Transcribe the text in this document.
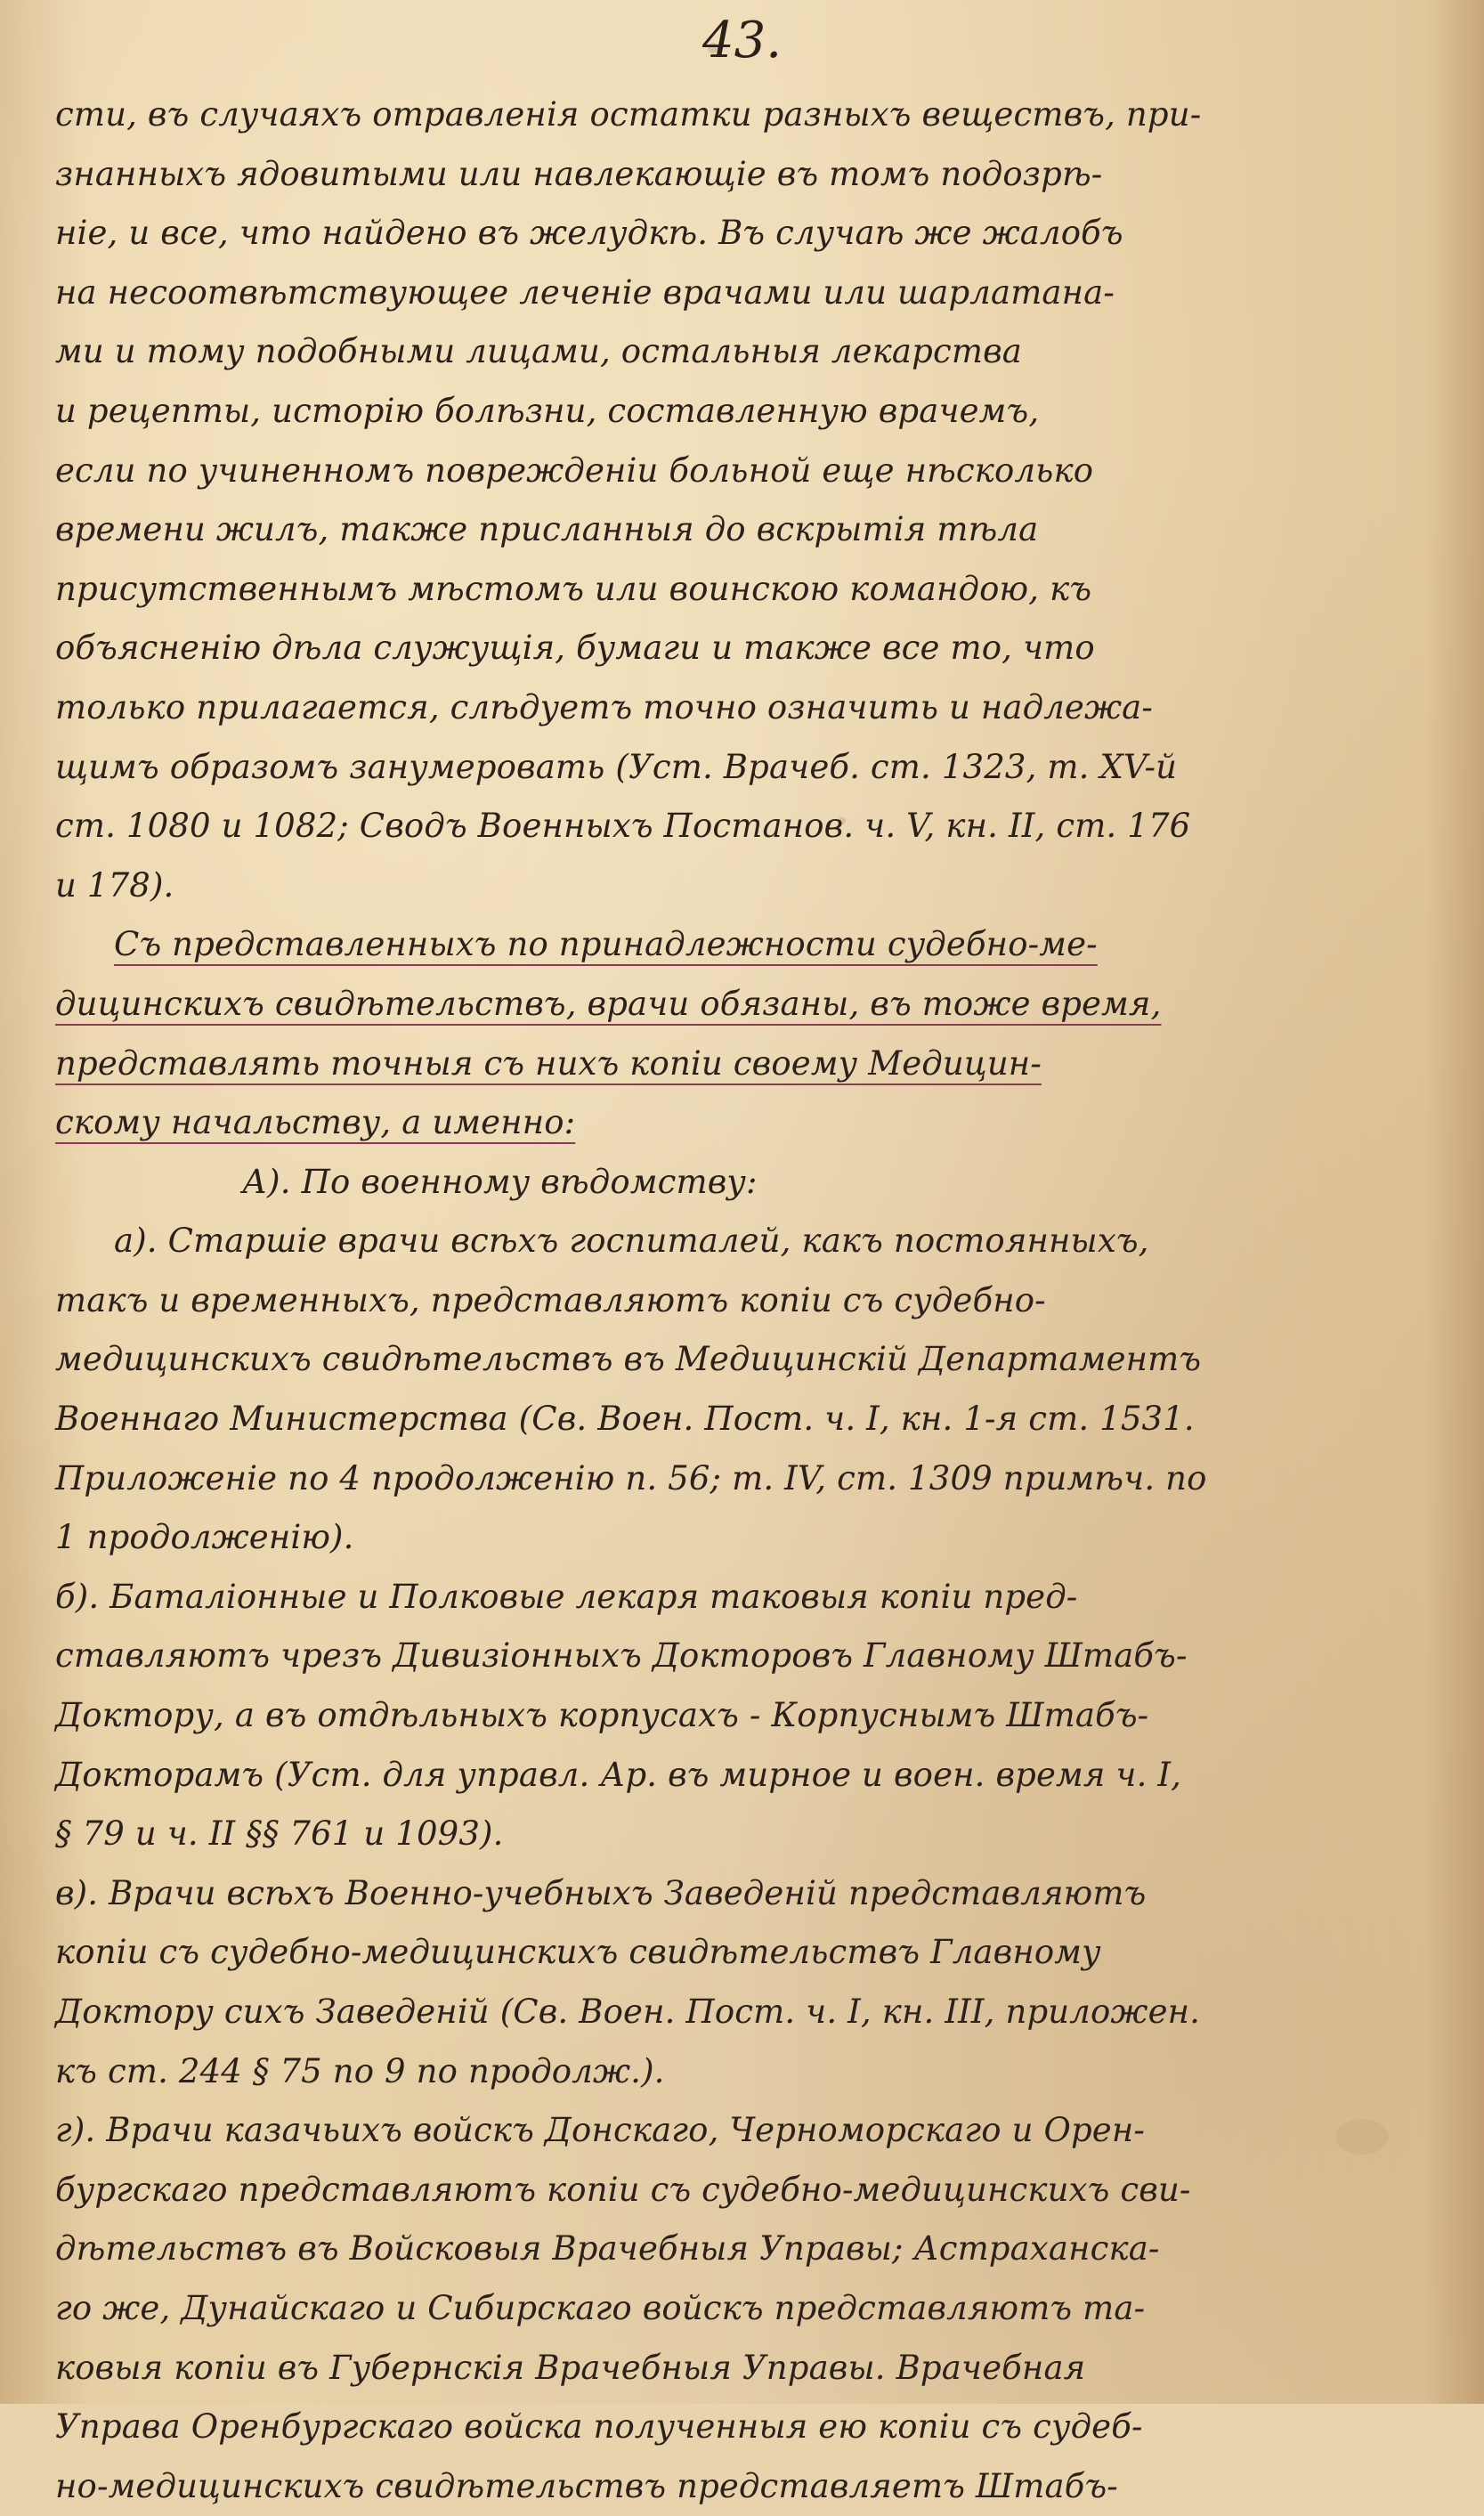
43.
сти, въ случаяхъ отравленія остатки разныхъ веществъ, при-
знанныхъ ядовитыми или навлекающіе въ томъ подозрѣ-
ніе, и все, что найдено въ желудкѣ. Въ случаѣ же жалобъ
на несоотвѣтствующее леченіе врачами или шарлатана-
ми и тому подобными лицами, остальныя лекарства
и рецепты, исторію болѣзни, составленную врачемъ,
если по учиненномъ поврежденіи больной еще нѣсколько
времени жилъ, также присланныя до вскрытія тѣла
присутственнымъ мѣстомъ или воинскою командою, къ
объясненію дѣла служущія, бумаги и также все то, что
только прилагается, слѣдуетъ точно означить и надлежа-
щимъ образомъ занумеровать (Уст. Врачеб. ст. 1323, т. XV-й
ст. 1080 и 1082; Сводъ Военныхъ Постанов. ч. V, кн. II, ст. 176
и 178).
Съ представленныхъ по принадлежности судебно-ме-
дицинскихъ свидѣтельствъ, врачи обязаны, въ тоже время,
представлять точныя съ нихъ копіи своему Медицин-
скому начальству, а именно:
А). По военному вѣдомству:
а). Старшіе врачи всѣхъ госпиталей, какъ постоянныхъ,
такъ и временныхъ, представляютъ копіи съ судебно-
медицинскихъ свидѣтельствъ въ Медицинскій Департаментъ
Военнаго Министерства (Св. Воен. Пост. ч. I, кн. 1-я ст. 1531.
Приложеніе по 4 продолженію п. 56; т. IV, ст. 1309 примѣч. по
1 продолженію).
б). Баталіонные и Полковые лекаря таковыя копіи пред-
ставляютъ чрезъ Дивизіонныхъ Докторовъ Главному Штабъ-
Доктору, а въ отдѣльныхъ корпусахъ - Корпуснымъ Штабъ-
Докторамъ (Уст. для управл. Ар. въ мирное и воен. время ч. I,
§ 79 и ч. II §§ 761 и 1093).
в). Врачи всѣхъ Военно-учебныхъ Заведеній представляютъ
копіи съ судебно-медицинскихъ свидѣтельствъ Главному
Доктору сихъ Заведеній (Св. Воен. Пост. ч. I, кн. III, приложен.
къ ст. 244 § 75 по 9 по продолж.).
г). Врачи казачьихъ войскъ Донскаго, Черноморскаго и Орен-
бургскаго представляютъ копіи съ судебно-медицинскихъ сви-
дѣтельствъ въ Войсковыя Врачебныя Управы; Астраханска-
го же, Дунайскаго и Сибирскаго войскъ представляютъ та-
ковыя копіи въ Губернскія Врачебныя Управы. Врачебная
Управа Оренбургскаго войска полученныя ею копіи съ судеб-
но-медицинскихъ свидѣтельствъ представляетъ Штабъ-
